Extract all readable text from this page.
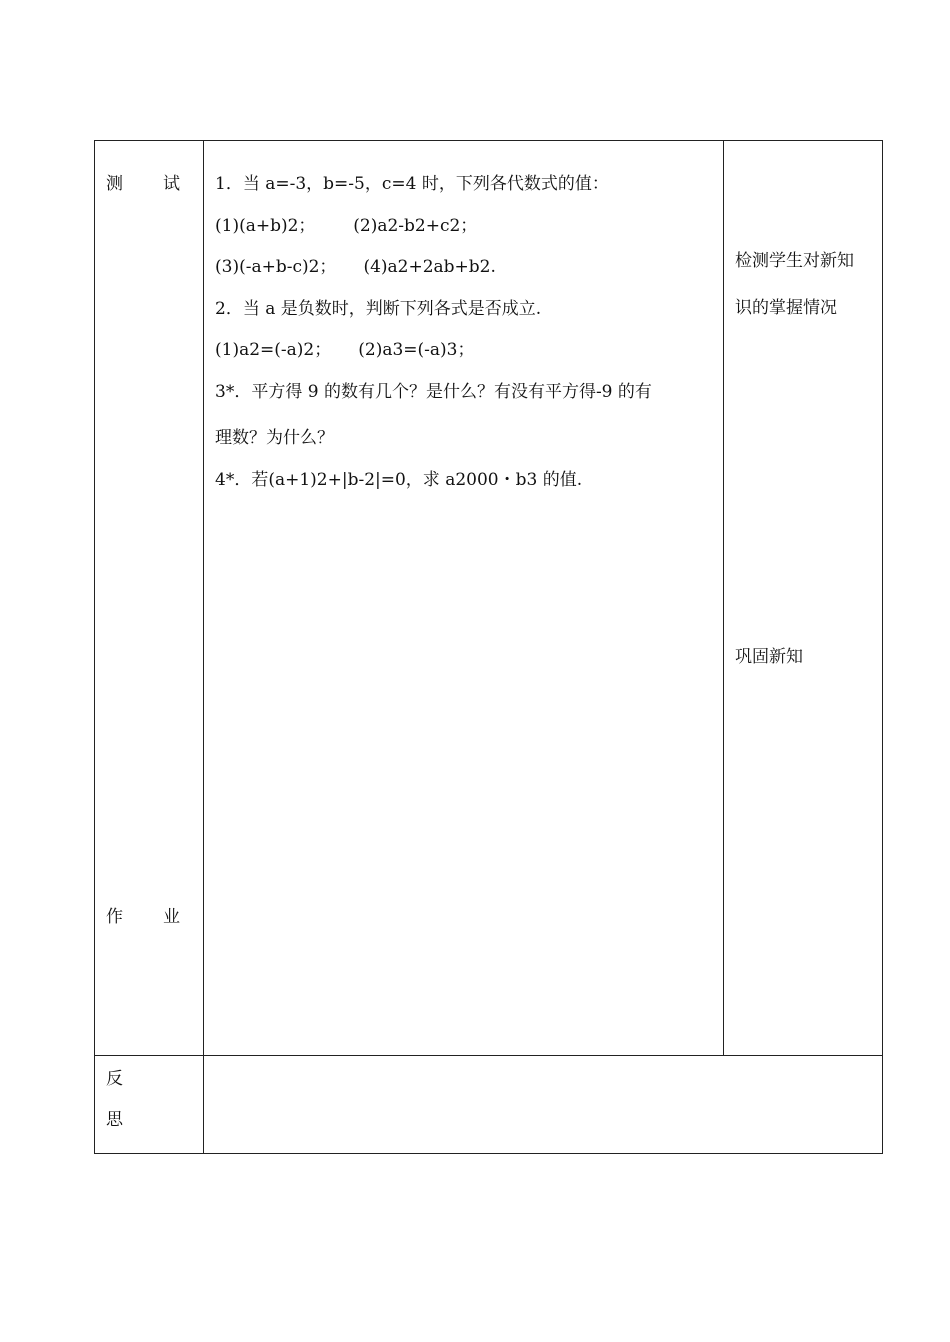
测 试
作 业
反
思
1．当 a=-3，b=-5，c=4 时，下列各代数式的值：
(1)(a+b)2；       (2)a2-b2+c2；
(3)(-a+b-c)2；     (4)a2+2ab+b2.
2．当 a 是负数时，判断下列各式是否成立.
(1)a2=(-a)2；     (2)a3=(-a)3；
3*．平方得 9 的数有几个？是什么？有没有平方得-9 的有
理数？为什么？
4*．若(a+1)2+|b-2|=0，求 a2000・b3 的值.
检测学生对新知
识的掌握情况
巩固新知
